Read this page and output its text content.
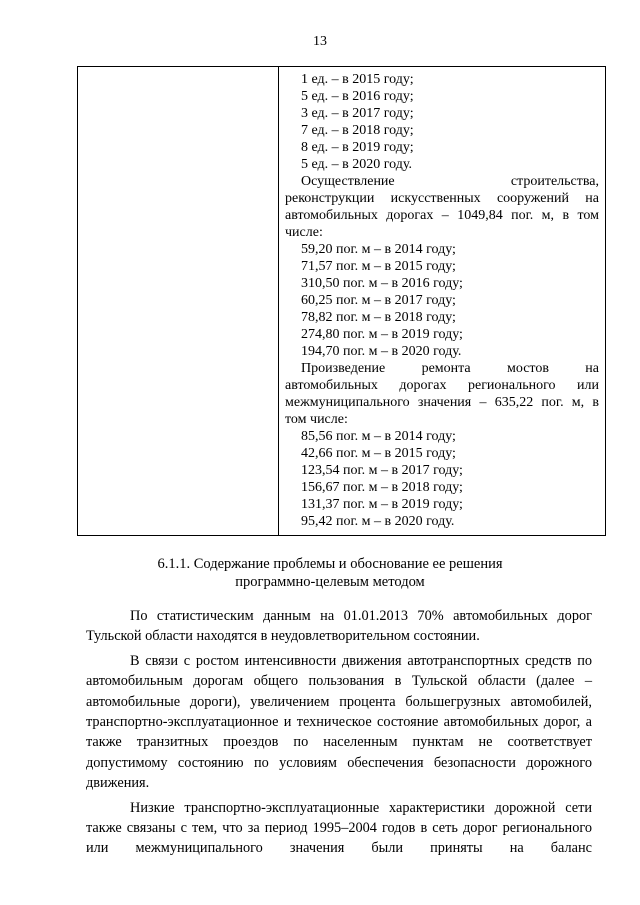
13
1 ед. – в 2015 году;
5 ед. – в 2016 году;
3 ед. – в 2017 году;
7 ед. – в 2018 году;
8 ед. – в 2019 году;
5 ед. – в 2020 году.
Осуществление строительства,
реконструкции искусственных сооружений на
автомобильных дорогах – 1049,84 пог. м, в том
числе:
59,20 пог. м – в 2014 году;
71,57 пог. м – в 2015 году;
310,50 пог. м – в 2016 году;
60,25 пог. м – в 2017 году;
78,82 пог. м – в 2018 году;
274,80 пог. м – в 2019 году;
194,70 пог. м – в 2020 году.
Произведение ремонта мостов на
автомобильных дорогах регионального или
межмуниципального значения – 635,22 пог. м, в
том числе:
85,56 пог. м – в 2014 году;
42,66 пог. м – в 2015 году;
123,54 пог. м – в 2017 году;
156,67 пог. м – в 2018 году;
131,37 пог. м – в 2019 году;
95,42 пог. м – в 2020 году.
6.1.1. Содержание проблемы и обоснование ее решения
программно-целевым методом

По статистическим данным на 01.01.2013 70% автомобильных дорог Тульской области находятся в неудовлетворительном состоянии.

В связи с ростом интенсивности движения автотранспортных средств по автомобильным дорогам общего пользования в Тульской области (далее – автомобильные дороги), увеличением процента большегрузных автомобилей, транспортно-эксплуатационное и техническое состояние автомобильных дорог, а также транзитных проездов по населенным пунктам не соответствует допустимому состоянию по условиям обеспечения безопасности дорожного движения.

Низкие транспортно-эксплуатационные характеристики дорожной сети также связаны с тем, что за период 1995–2004 годов в сеть дорог регионального или межмуниципального значения были приняты на баланс
